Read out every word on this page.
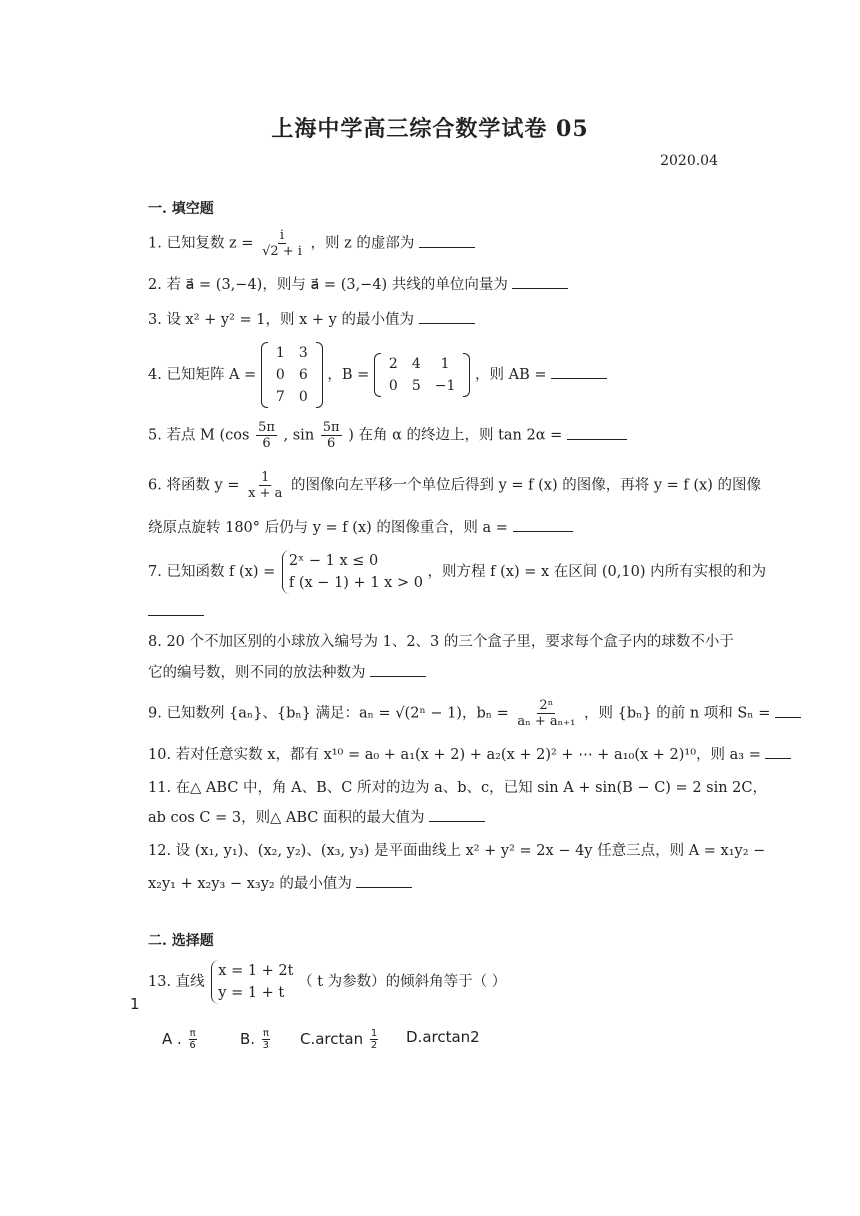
上海中学高三综合数学试卷 05
2020.04
一. 填空题
1. 已知复数 $z = \frac{i}{√2 + i}$ ，则 z 的虚部为
2. 若 a⃗ = (3,−4)，则与 a⃗ = (3,−4) 共线的单位向量为
3. 设 x² + y² = 1，则 x + y 的最小值为
4. 已知矩阵 A =
1	3
0	6
7	0
，B =
2	4	1
0	5	−1
，则 AB =
5. 若点 M ($\cos \frac{5\pi}{6}$ , $\sin \frac{5\pi}{6}$ ) 在角 α 的终边上，则 tan 2α =
6. 将函数 $y = \frac{1}{x + a}$ 的图像向左平移一个单位后得到 y = f (x) 的图像，再将 y = f (x) 的图像
绕原点旋转 180° 后仍与 y = f (x) 的图像重合，则 a =
7. 已知函数 f (x) =
2ˣ − 1 x ≤ 0
f (x − 1) + 1 x > 0
，则方程 f (x) = x 在区间 (0,10) 内所有实根的和为
8. 20 个不加区别的小球放入编号为 1、2、3 的三个盒子里，要求每个盒子内的球数不小于
它的编号数，则不同的放法种数为
9. 已知数列 {aₙ}、{bₙ} 满足：aₙ = √(2ⁿ − 1)，$b_n = \frac{\text{2ⁿ}}{\text{aₙ + aₙ₊₁}}$ ，则 {bₙ} 的前 n 项和 Sₙ =
10. 若对任意实数 x，都有 x¹⁰ = a₀ + a₁(x + 2) + a₂(x + 2)² + ⋯ + a₁₀(x + 2)¹⁰，则 a₃ =
11. 在△ ABC 中，角 A、B、C 所对的边为 a、b、c，已知 sin A + sin(B − C) = 2 sin 2C，
ab cos C = 3，则△ ABC 面积的最大值为
12. 设 (x₁, y₁)、(x₂, y₂)、(x₃, y₃) 是平面曲线上 x² + y² = 2x − 4y 任意三点，则 A = x₁y₂ −
x₂y₁ + x₂y₃ − x₃y₂ 的最小值为
二. 选择题
13. 直线
x = 1 + 2t
y = 1 + t
（ t 为参数）的倾斜角等于（ ）
1
A . $\frac{\pi}{6}$	B. $\frac{\pi}{3} C.\arctan \frac{1}{2} D.\arctan 2$
